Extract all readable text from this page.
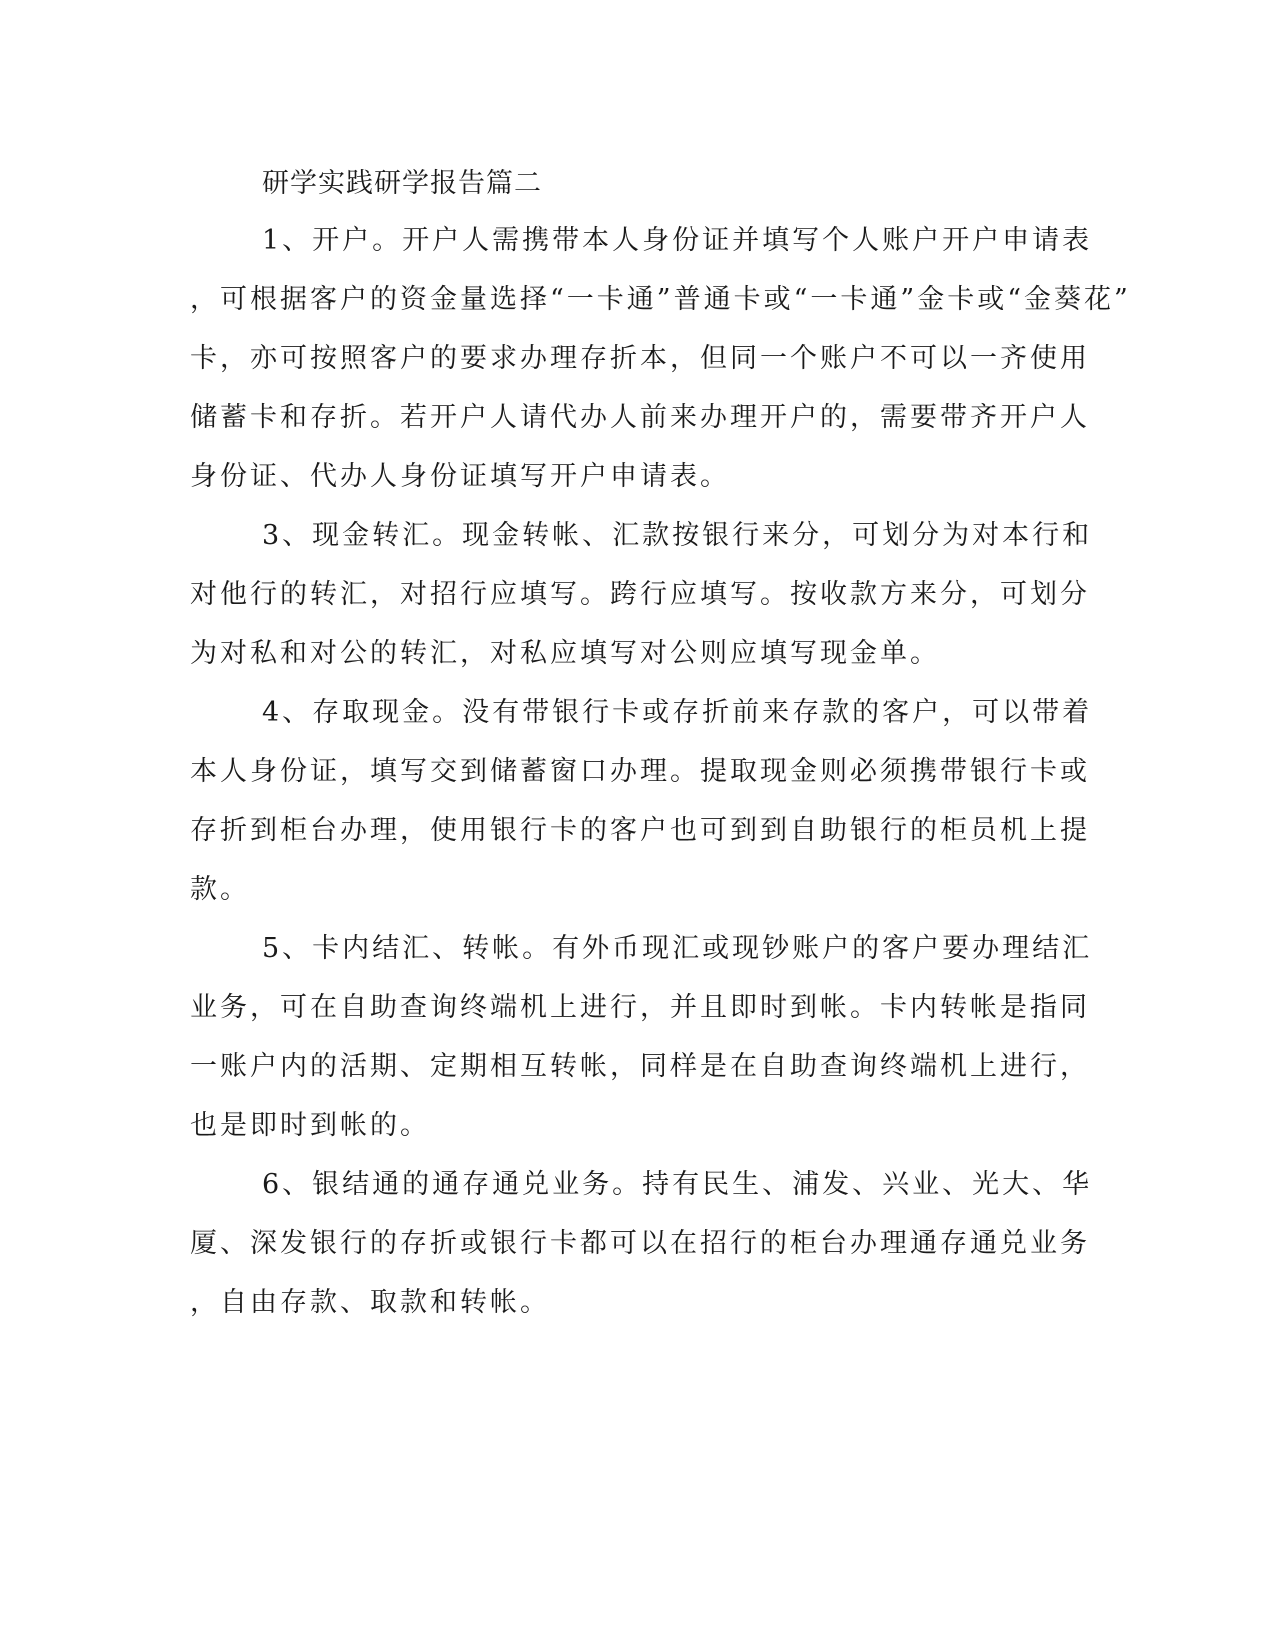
研学实践研学报告篇二
1、开户。开户人需携带本人身份证并填写个人账户开户申请表
，可根据客户的资金量选择“一卡通”普通卡或“一卡通”金卡或“金葵花”
卡，亦可按照客户的要求办理存折本，但同一个账户不可以一齐使用
储蓄卡和存折。若开户人请代办人前来办理开户的，需要带齐开户人
身份证、代办人身份证填写开户申请表。
3、现金转汇。现金转帐、汇款按银行来分，可划分为对本行和
对他行的转汇，对招行应填写。跨行应填写。按收款方来分，可划分
为对私和对公的转汇，对私应填写对公则应填写现金单。
4、存取现金。没有带银行卡或存折前来存款的客户，可以带着
本人身份证，填写交到储蓄窗口办理。提取现金则必须携带银行卡或
存折到柜台办理，使用银行卡的客户也可到到自助银行的柜员机上提
款。
5、卡内结汇、转帐。有外币现汇或现钞账户的客户要办理结汇
业务，可在自助查询终端机上进行，并且即时到帐。卡内转帐是指同
一账户内的活期、定期相互转帐，同样是在自助查询终端机上进行，
也是即时到帐的。
6、银结通的通存通兑业务。持有民生、浦发、兴业、光大、华
厦、深发银行的存折或银行卡都可以在招行的柜台办理通存通兑业务
，自由存款、取款和转帐。
